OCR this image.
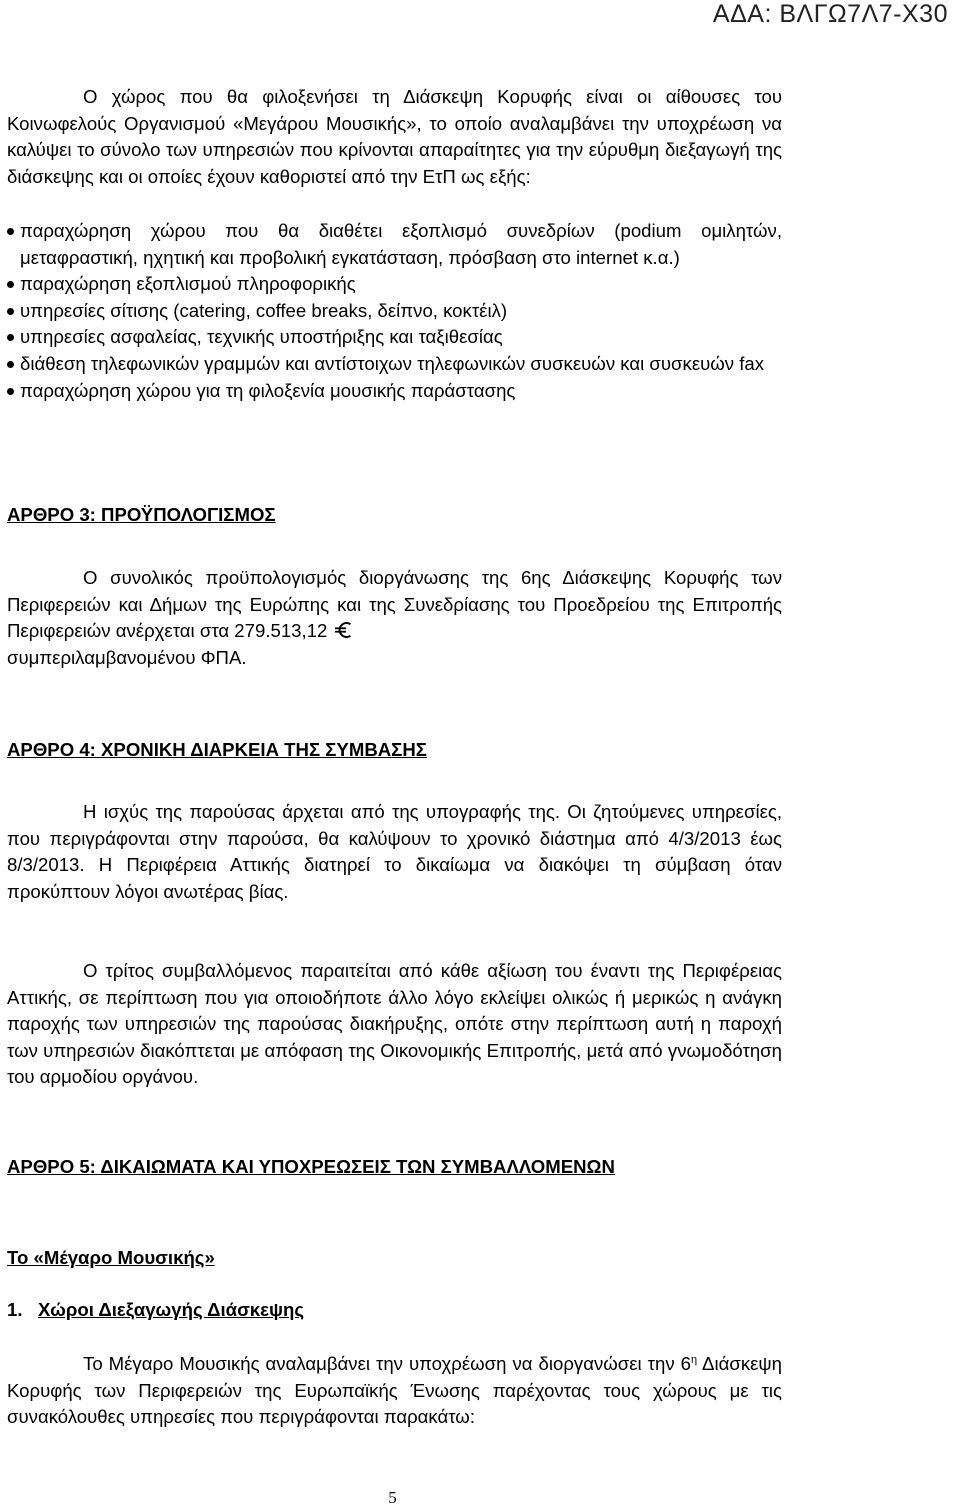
ΑΔΑ: ΒΛΓΩ7Λ7-Χ30
Ο χώρος που θα φιλοξενήσει τη Διάσκεψη Κορυφής είναι οι αίθουσες του Κοινωφελούς Οργανισμού «Μεγάρου Μουσικής», το οποίο αναλαμβάνει την υποχρέωση να καλύψει το σύνολο των υπηρεσιών που κρίνονται απαραίτητες για την εύρυθμη διεξαγωγή της διάσκεψης και οι οποίες έχουν καθοριστεί από την ΕτΠ ως εξής:
παραχώρηση χώρου που θα διαθέτει εξοπλισμό συνεδρίων (podium ομιλητών, μεταφραστική, ηχητική και προβολική εγκατάσταση, πρόσβαση στο internet κ.α.)
παραχώρηση εξοπλισμού πληροφορικής
υπηρεσίες σίτισης (catering, coffee breaks, δείπνο, κοκτέιλ)
υπηρεσίες ασφαλείας, τεχνικής υποστήριξης και ταξιθεσίας
διάθεση τηλεφωνικών γραμμών και αντίστοιχων τηλεφωνικών συσκευών και συσκευών fax
παραχώρηση χώρου για τη φιλοξενία μουσικής παράστασης
ΑΡΘΡΟ 3: ΠΡΟΫΠΟΛΟΓΙΣΜΟΣ
Ο συνολικός προϋπολογισμός διοργάνωσης της 6ης Διάσκεψης Κορυφής των Περιφερειών και Δήμων της Ευρώπης και της Συνεδρίασης του Προεδρείου της Επιτροπής Περιφερειών ανέρχεται στα 279.513,12
συμπεριλαμβανομένου ΦΠΑ.
ΑΡΘΡΟ 4: ΧΡΟΝΙΚΗ ΔΙΑΡΚΕΙΑ ΤΗΣ ΣΥΜΒΑΣΗΣ
Η ισχύς της παρούσας άρχεται από της υπογραφής της. Οι ζητούμενες υπηρεσίες, που περιγράφονται στην παρούσα, θα καλύψουν το χρονικό διάστημα από 4/3/2013 έως 8/3/2013. Η Περιφέρεια Αττικής διατηρεί το δικαίωμα να διακόψει τη σύμβαση όταν προκύπτουν λόγοι ανωτέρας βίας.
Ο τρίτος συμβαλλόμενος παραιτείται από κάθε αξίωση του έναντι της Περιφέρειας Αττικής, σε περίπτωση που για οποιοδήποτε άλλο λόγο εκλείψει ολικώς ή μερικώς η ανάγκη παροχής των υπηρεσιών της παρούσας διακήρυξης, οπότε στην περίπτωση αυτή η παροχή των υπηρεσιών διακόπτεται με απόφαση της Οικονομικής Επιτροπής, μετά από γνωμοδότηση του αρμοδίου οργάνου.
ΑΡΘΡΟ 5: ΔΙΚΑΙΩΜΑΤΑ ΚΑΙ ΥΠΟΧΡΕΩΣΕΙΣ ΤΩΝ ΣΥΜΒΑΛΛΟΜΕΝΩΝ
Το «Μέγαρο Μουσικής»
1. Χώροι Διεξαγωγής Διάσκεψης
Το Μέγαρο Μουσικής αναλαμβάνει την υποχρέωση να διοργανώσει την $6^\eta$ Διάσκεψη Κορυφής των Περιφερειών της Ευρωπαϊκής Ένωσης παρέχοντας τους χώρους με τις συνακόλουθες υπηρεσίες που περιγράφονται παρακάτω:
5
